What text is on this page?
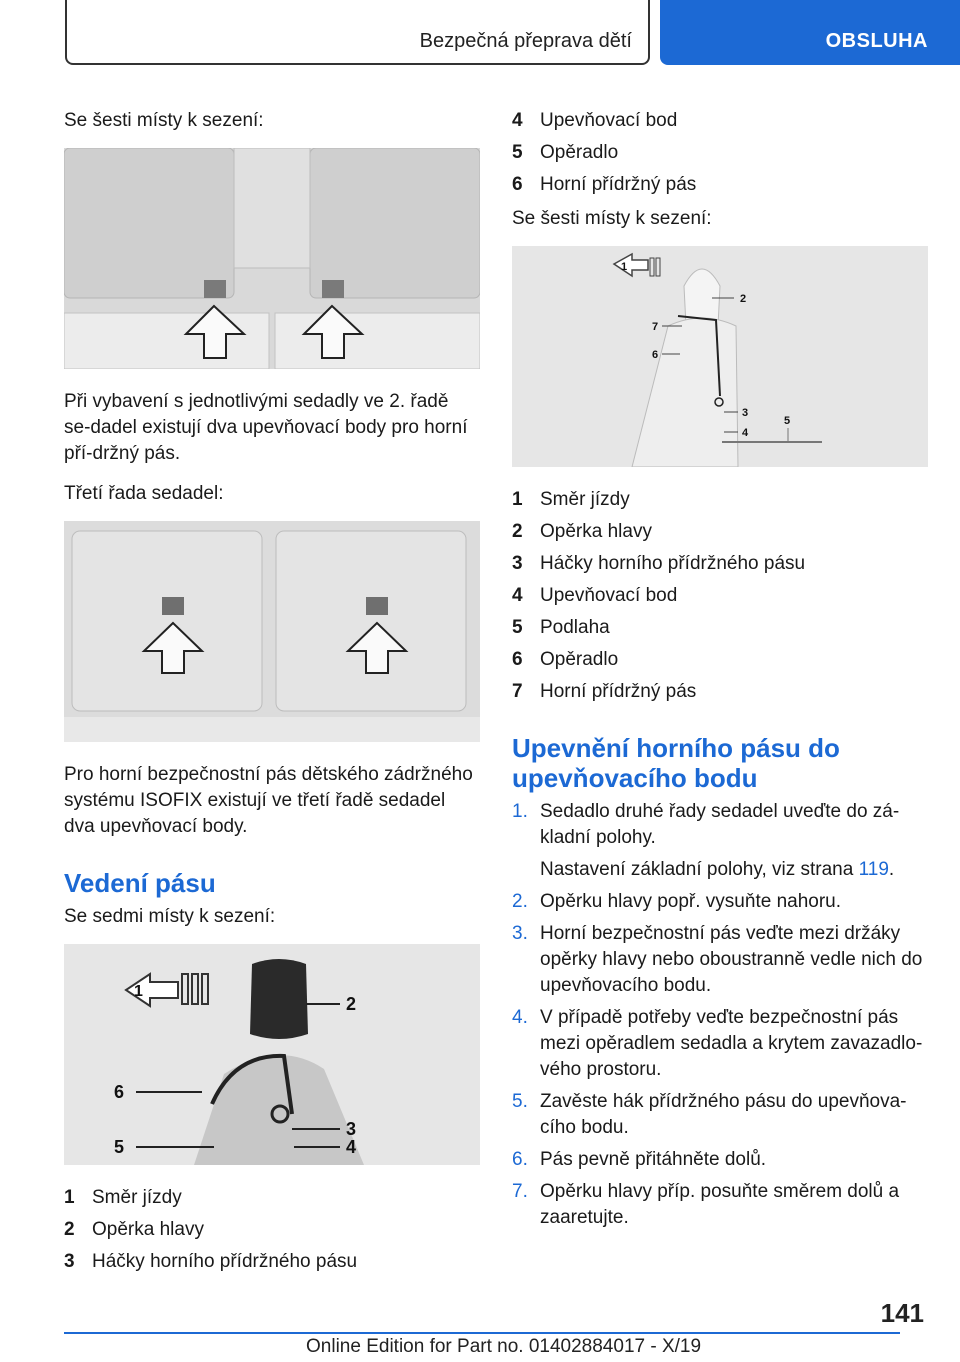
Bezpečná přeprava dětí	OBSLUHA

Se šesti místy k sezení:

Při vybavení s jednotlivými sedadly ve 2. řadě se-dadel existují dva upevňovací body pro horní pří-držný pás.

Třetí řada sedadel:

Pro horní bezpečnostní pás dětského zádržného systému ISOFIX existují ve třetí řadě sedadel dva upevňovací body.

Vedení pásu

Se sedmi místy k sezení:

1
2
6
3
5	4
1 Směr jízdy
2 Opěrka hlavy
3 Háčky horního přídržného pásu
4 Upevňovací bod
5 Opěradlo
6 Horní přídržný pás

Se šesti místy k sezení:

1
2
7
6
3
4
5
1 Směr jízdy
2 Opěrka hlavy
3 Háčky horního přídržného pásu
4 Upevňovací bod
5 Podlaha
6 Opěradlo
7 Horní přídržný pás
Upevnění horního pásu do upevňovacího bodu
1. Sedadlo druhé řady sedadel uveďte do zá-kladní polohy.
Nastavení základní polohy, viz strana 119.
2. Opěrku hlavy popř. vysuňte nahoru.
3. Horní bezpečnostní pás veďte mezi držáky opěrky hlavy nebo oboustranně vedle nich do upevňovacího bodu.
4. V případě potřeby veďte bezpečnostní pás mezi opěradlem sedadla a krytem zavazadlo-vého prostoru.
5. Zavěste hák přídržného pásu do upevňova-cího bodu.
6. Pás pevně přitáhněte dolů.
7. Opěrku hlavy příp. posuňte směrem dolů a zaaretujte.
141
Online Edition for Part no. 01402884017 - X/19
